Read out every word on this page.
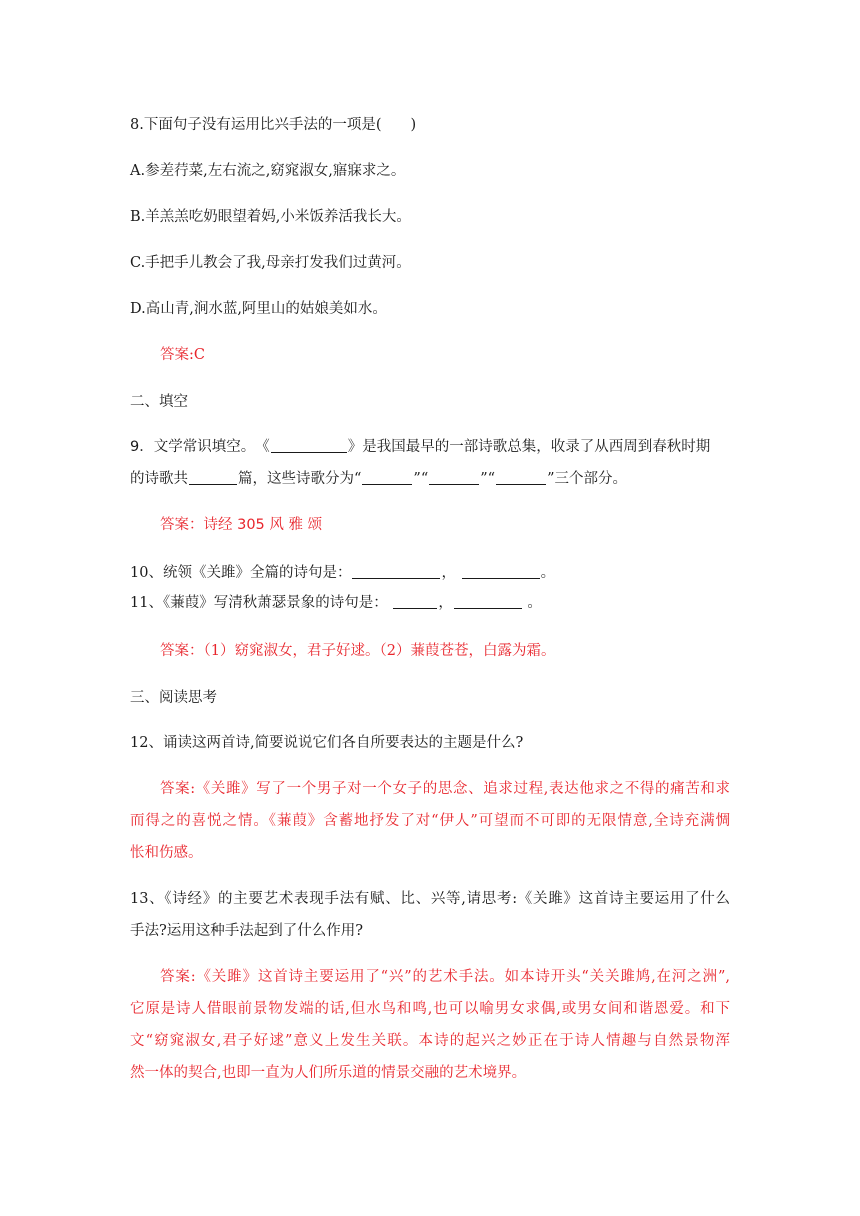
8.下面句子没有运用比兴手法的一项是(　　)
A.参差荇菜,左右流之,窈窕淑女,寤寐求之。
B.羊羔羔吃奶眼望着妈,小米饭养活我长大。
C.手把手儿教会了我,母亲打发我们过黄河。
D.高山青,涧水蓝,阿里山的姑娘美如水。
答案:C
二、填空
9．文学常识填空。　《	》是我国最早的一部诗歌总集，收录了从西周到春秋时期
的诗歌共	篇，这些诗歌分为“	”“	”“	”三个部分。
答案：诗经 305 风 雅 颂
10、统领《关雎》全篇的诗句是：	，	。
11、《蒹葭》写清秋萧瑟景象的诗句是：	，	。
答案：（1）窈窕淑女，君子好逑。（2）蒹葭苍苍，白露为霜。
三、阅读思考
12、诵读这两首诗,简要说说它们各自所要表达的主题是什么?
答案:《关雎》写了一个男子对一个女子的思念、追求过程,表达他求之不得的痛苦和求
而得之的喜悦之情。《蒹葭》含蓄地抒发了对“伊人”可望而不可即的无限情意,全诗充满惆
怅和伤感。
13、《诗经》的主要艺术表现手法有赋、比、兴等,请思考:《关雎》这首诗主要运用了什么
手法?运用这种手法起到了什么作用?
答案:《关雎》这首诗主要运用了“兴”的艺术手法。如本诗开头“关关雎鸠,在河之洲”,
它原是诗人借眼前景物发端的话,但水鸟和鸣,也可以喻男女求偶,或男女间和谐恩爱。和下
文“窈窕淑女,君子好逑”意义上发生关联。本诗的起兴之妙正在于诗人情趣与自然景物浑
然一体的契合,也即一直为人们所乐道的情景交融的艺术境界。
